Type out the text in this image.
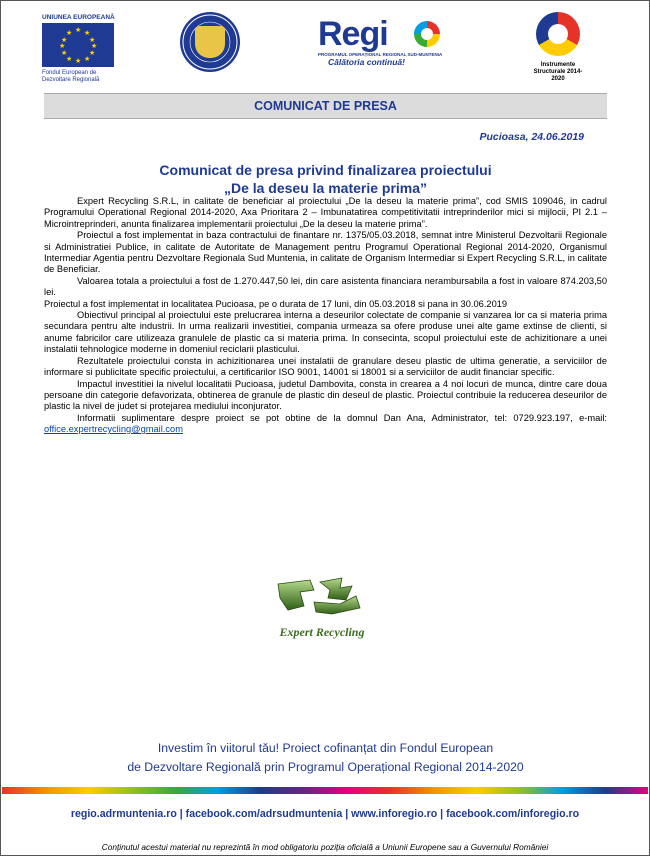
UNIUNEA EUROPEANĂ
★ ★
★
★
★
★
★
★
★
★
★
★
Fondul European de Dezvoltare Regională
Regi
PROGRAMUL OPERAȚIONAL REGIONAL SUD-MUNTENIA
Călătoria continuă!	Instrumente Structurale 2014-2020
COMUNICAT DE PRESA
Pucioasa, 24.06.2019
Comunicat de presa privind finalizarea proiectului
„De la deseu la materie prima”

Expert Recycling S.R.L, in calitate de beneficiar al proiectului „De la deseu la materie prima”, cod SMIS 109046, in cadrul Programului Operational Regional 2014-2020, Axa Prioritara 2 – Imbunatatirea competitivitatii intreprinderilor mici si mijlocii, PI 2.1 – Microintreprinderi, anunta finalizarea implementarii proiectului „De la deseu la materie prima”.

Proiectul a fost implementat in baza contractului de finantare nr. 1375/05.03.2018, semnat intre Ministerul Dezvoltarii Regionale si Administratiei Publice, in calitate de Autoritate de Management pentru Programul Operational Regional 2014-2020, Organismul Intermediar Agentia pentru Dezvoltare Regionala Sud Muntenia, in calitate de Organism Intermediar si Expert Recycling S.R.L, in calitate de Beneficiar.

Valoarea totala a proiectului a fost de 1.270.447,50 lei, din care asistenta financiara nerambursabila a fost in valoare 874.203,50 lei.

Proiectul a fost implementat in localitatea Pucioasa, pe o durata de 17 luni, din 05.03.2018 si pana in 30.06.2019

Obiectivul principal al proiectului este prelucrarea interna a deseurilor colectate de companie si vanzarea lor ca si materia prima secundara pentru alte industrii. In urma realizarii investitiei, compania urmeaza sa ofere produse unei alte game extinse de clienti, si anume fabricilor care utilizeaza granulele de plastic ca si materia prima. In consecinta, scopul proiectului este de achizitionare a unei instalatii tehnologice moderne in domeniul reciclarii plasticului.

Rezultatele proiectului consta in achizitionarea unei instalatii de granulare deseu plastic de ultima generatie, a serviciilor de informare si publicitate specific proiectului, a certificarilor ISO 9001, 14001 si 18001 si a serviciilor de audit financiar specific.

Impactul investitiei la nivelul localitatii Pucioasa, judetul Dambovita, consta in crearea a 4 noi locuri de munca, dintre care doua persoane din categorie defavorizata, obtinerea de granule de plastic din deseul de plastic. Proiectul contribuie la reducerea deseurilor de plastic la nivel de judet si protejarea mediului inconjurator.

Informatii suplimentare despre proiect se pot obtine de la domnul Dan Ana, Administrator, tel: 0729.923.197, e-mail: office.expertrecycling@gmail.com

Expert Recycling
Investim în viitorul tău! Proiect cofinanțat din Fondul European
de Dezvoltare Regională prin Programul Operațional Regional 2014-2020
regio.adrmuntenia.ro | facebook.com/adrsudmuntenia | www.inforegio.ro | facebook.com/inforegio.ro
Conținutul acestui material nu reprezintă în mod obligatoriu poziția oficială a Uniunii Europene sau a Guvernului României
